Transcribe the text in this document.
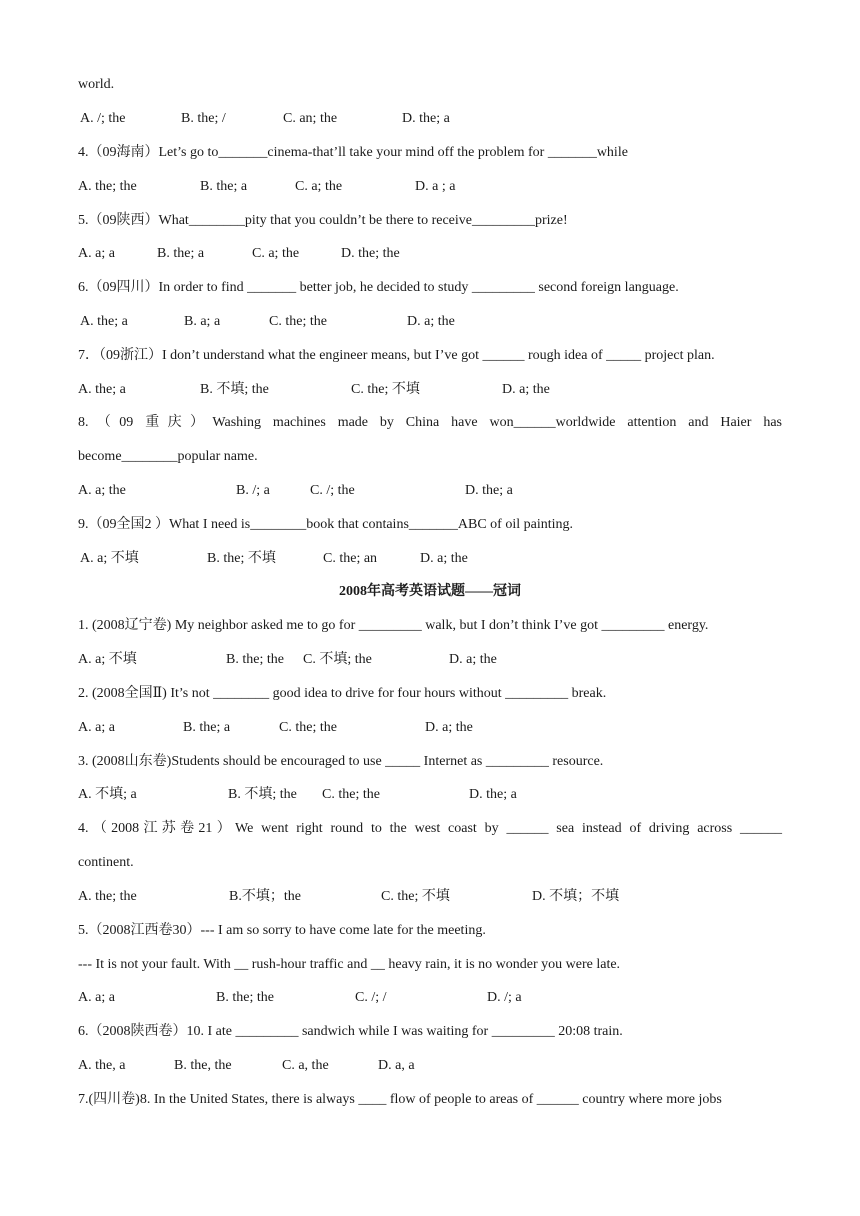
world.
A. /; the	B. the; /	C. an; the	D. the; a
4.（09海南）Let’s go to_______cinema-that’ll take your mind off the problem for _______while
A. the; the	B. the; a	C. a; the	D. a ; a
5.（09陕西）What________pity that you couldn’t be there to receive_________prize!
A. a; a	B. the; a	C. a; the	D. the; the
6.（09四川）In order to find _______ better job, he decided to study _________ second foreign language.
A. the; a	B. a; a	C. the; the	D. a; the
7．（09浙江）I don’t understand what the engineer means, but I’ve got ______ rough idea of _____ project plan.
A. the; a	B. 不填; the	C. the; 不填	D. a; the
8.（09 重庆）Washing machines made by China have won______worldwide attention and Haier has
become________popular name.
A. a; the	B. /; a	C. /; the	D. the; a
9.（09全国2 ）What I need is________book that contains_______ABC of oil painting.
A. a; 不填	B. the; 不填	C. the; an	D. a; the
2008年高考英语试题——冠词
1. (2008辽宁卷) My neighbor asked me to go for _________ walk, but I don’t think I’ve got _________ energy.
A. a; 不填	B. the; the C. 不填; the	D. a; the
2. (2008全国Ⅱ) It’s not ________ good idea to drive for four hours without _________ break.
A. a; a	B. the; a	C. the; the	D. a; the
3. (2008山东卷)Students should be encouraged to use _____ Internet as _________ resource.
A. 不填; a	B. 不填; the C. the; the	D. the; a
4.（2008江苏卷21）We went right round to the west coast by ______ sea instead of driving across ______
continent.
A. the; the	B.不填；the	C. the; 不填	D. 不填；不填
5.（2008江西卷30）--- I am so sorry to have come late for the meeting.
--- It is not your fault. With __ rush-hour traffic and __ heavy rain, it is no wonder you were late.
A. a; a	B. the; the	C. /; /	D. /; a
6.（2008陕西卷）10. I ate _________ sandwich while I was waiting for _________ 20:08 train.
A. the, a	B. the, the	C. a, the	D. a, a
7.(四川卷)8. In the United States, there is always ____ flow of people to areas of ______ country where more jobs
